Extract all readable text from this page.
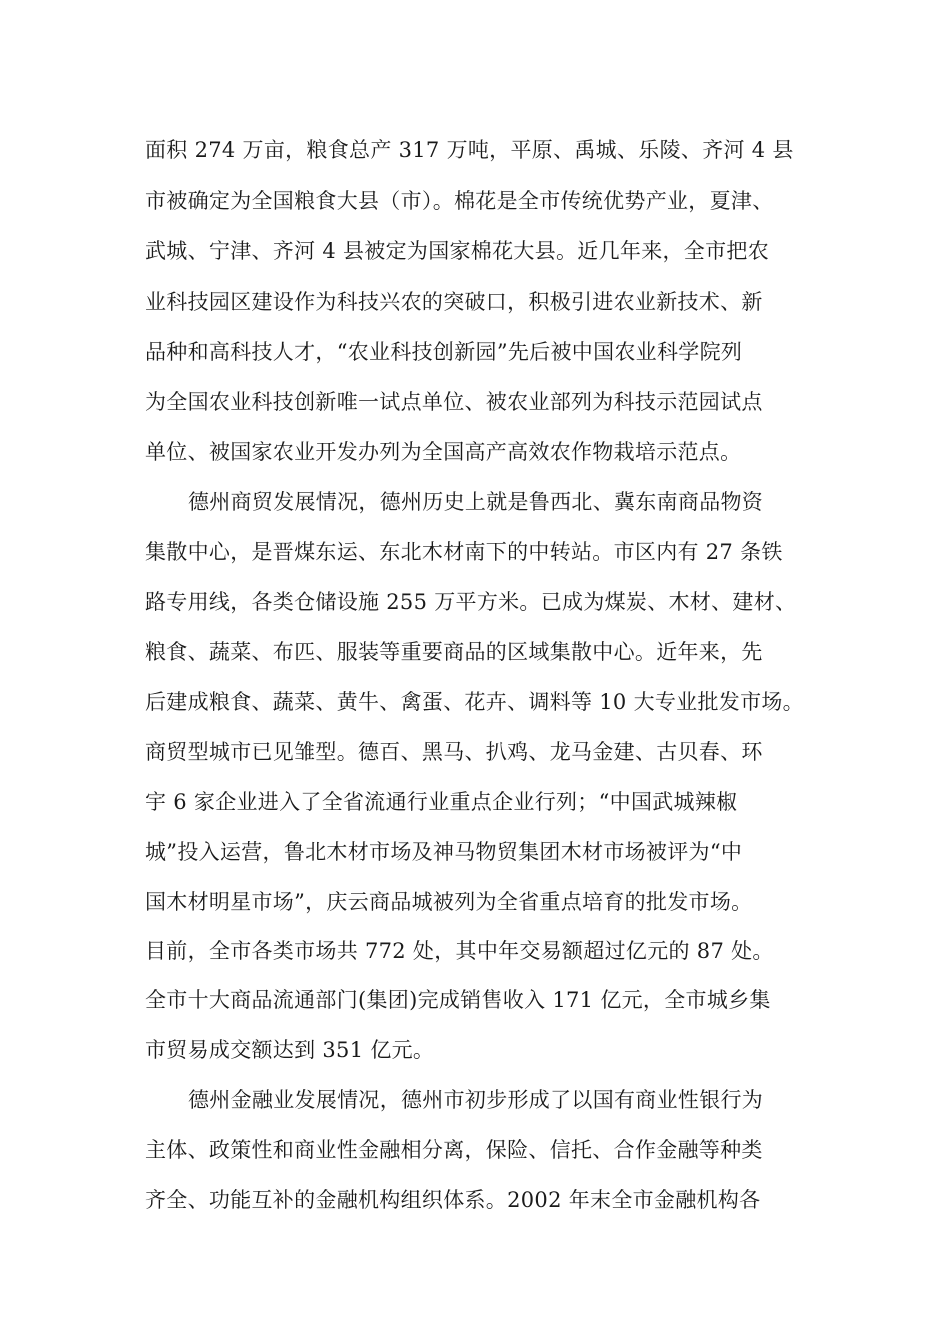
面积 274 万亩，粮食总产 317 万吨，平原、禹城、乐陵、齐河 4 县
市被确定为全国粮食大县（市）。棉花是全市传统优势产业，夏津、
武城、宁津、齐河 4 县被定为国家棉花大县。近几年来，全市把农
业科技园区建设作为科技兴农的突破口，积极引进农业新技术、新
品种和高科技人才，“农业科技创新园”先后被中国农业科学院列
为全国农业科技创新唯一试点单位、被农业部列为科技示范园试点
单位、被国家农业开发办列为全国高产高效农作物栽培示范点。
德州商贸发展情况，德州历史上就是鲁西北、冀东南商品物资
集散中心，是晋煤东运、东北木材南下的中转站。市区内有 27 条铁
路专用线，各类仓储设施 255 万平方米。已成为煤炭、木材、建材、
粮食、蔬菜、布匹、服装等重要商品的区域集散中心。近年来，先
后建成粮食、蔬菜、黄牛、禽蛋、花卉、调料等 10 大专业批发市场。
商贸型城市已见雏型。德百、黑马、扒鸡、龙马金建、古贝春、环
宇 6 家企业进入了全省流通行业重点企业行列；“中国武城辣椒
城”投入运营，鲁北木材市场及神马物贸集团木材市场被评为“中
国木材明星市场”，庆云商品城被列为全省重点培育的批发市场。
目前，全市各类市场共 772 处，其中年交易额超过亿元的 87 处。
全市十大商品流通部门(集团)完成销售收入 171 亿元，全市城乡集
市贸易成交额达到 351 亿元。
德州金融业发展情况，德州市初步形成了以国有商业性银行为
主体、政策性和商业性金融相分离，保险、信托、合作金融等种类
齐全、功能互补的金融机构组织体系。2002 年末全市金融机构各
